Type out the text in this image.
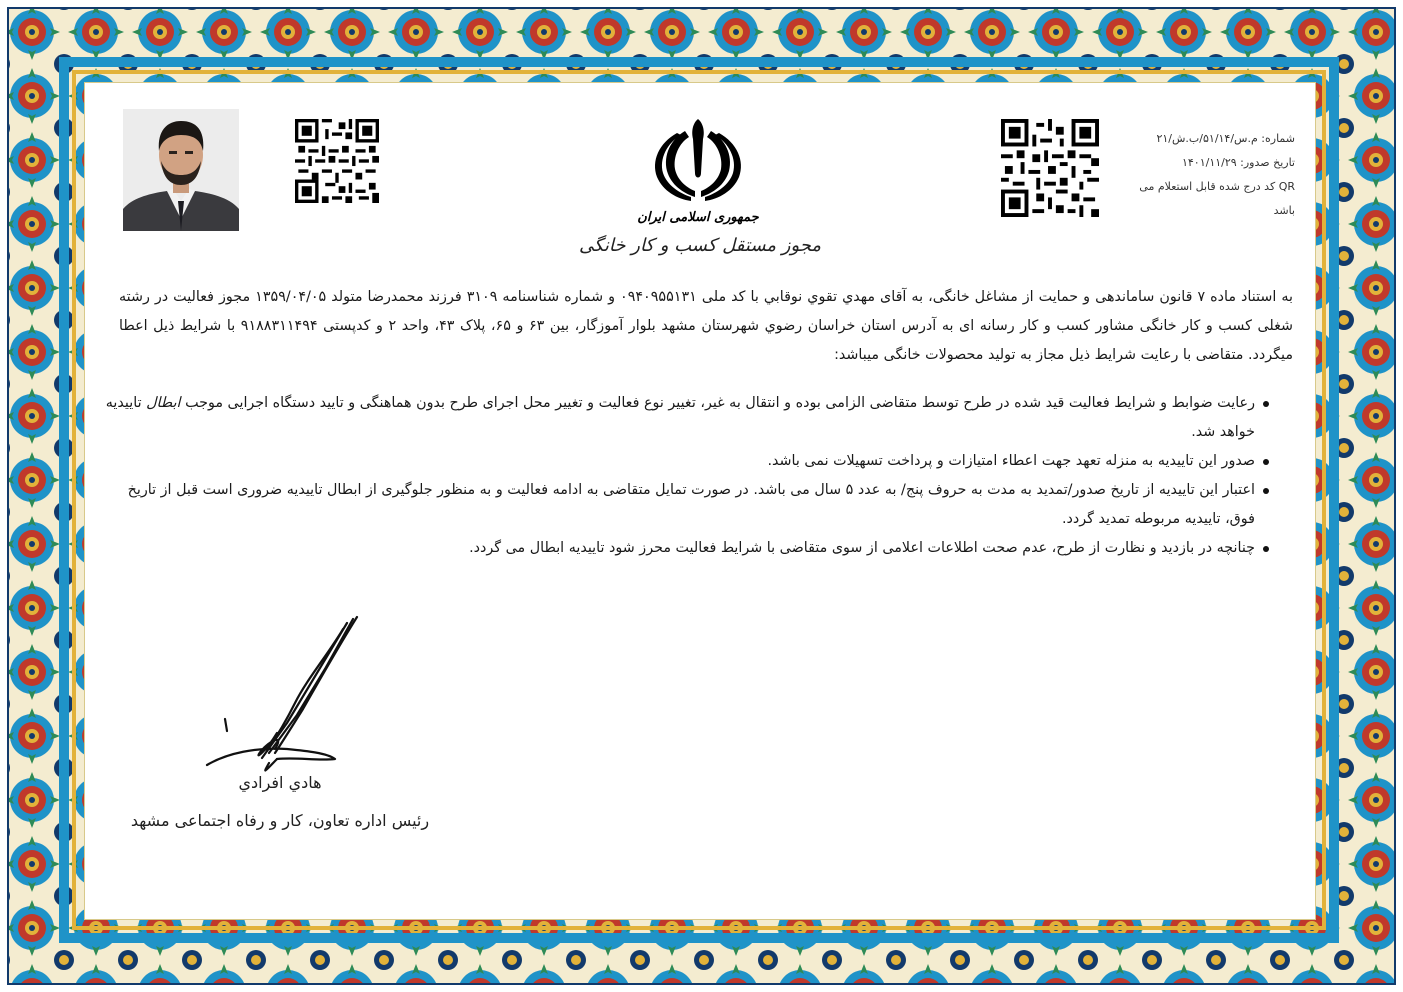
شماره: م.س/۵۱/۱۴/ب.ش/۲۱
تاریخ صدور: ۱۴۰۱/۱۱/۲۹
QR کد درج شده قابل استعلام می باشد
جمهوری اسلامی ایران
مجوز مستقل کسب و کار خانگی
به استناد ماده ۷ قانون ساماندهی و حمایت از مشاغل خانگی، به آقای مهدي تقوي نوقابي با کد ملی ۰۹۴۰۹۵۵۱۳۱ و شماره شناسنامه ۳۱۰۹ فرزند محمدرضا متولد ۱۳۵۹/۰۴/۰۵ مجوز فعالیت در رشته شغلی کسب و کار خانگی مشاور کسب و کار رسانه ای به آدرس استان خراسان رضوي شهرستان مشهد بلوار آموزگار، بین ۶۳ و ۶۵، پلاک ۴۳، واحد ۲ و کدپستی ۹۱۸۸۳۱۱۴۹۴ با شرایط ذیل اعطا میگردد. متقاضی با رعایت شرایط ذیل مجاز به تولید محصولات خانگی میباشد:
رعایت ضوابط و شرایط فعالیت قید شده در طرح توسط متقاضی الزامی بوده و انتقال به غیر، تغییر نوع فعالیت و تغییر محل اجرای طرح بدون هماهنگی و تایید دستگاه اجرایی موجب ابطال تاییدیه خواهد شد.
صدور این تاییدیه به منزله تعهد جهت اعطاء امتیازات و پرداخت تسهیلات نمی باشد.
اعتبار این تاییدیه از تاریخ صدور/تمدید به مدت به حروف پنج/ به عدد ۵ سال می باشد. در صورت تمایل متقاضی به ادامه فعالیت و به منظور جلوگیری از ابطال تاییدیه ضروری است قبل از تاریخ فوق، تاییدیه مربوطه تمدید گردد.
چنانچه در بازدید و نظارت از طرح، عدم صحت اطلاعات اعلامی از سوی متقاضی با شرایط فعالیت محرز شود تاییدیه ابطال می گردد.
هادي افرادي
رئیس اداره تعاون، کار و رفاه اجتماعی مشهد
